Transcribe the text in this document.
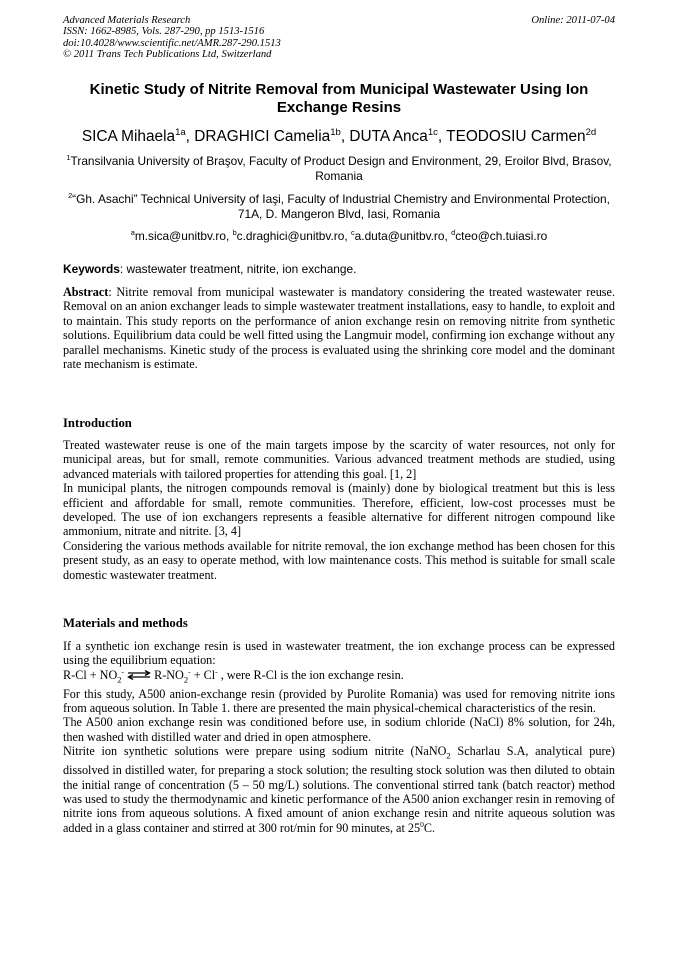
Advanced Materials Research
ISSN: 1662-8985, Vols. 287-290, pp 1513-1516
doi:10.4028/www.scientific.net/AMR.287-290.1513
© 2011 Trans Tech Publications Ltd, Switzerland
Online: 2011-07-04
Kinetic Study of Nitrite Removal from Municipal Wastewater Using Ion Exchange Resins
SICA Mihaela$^{1a}$, DRAGHICI Camelia$^{1b}$, DUTA Anca$^{1c}$, TEODOSIU Carmen$^{2d}$
$^1$Transilvania University of Braşov, Faculty of Product Design and Environment, 29, Eroilor Blvd, Brasov, Romania
$^2$“Gh. Asachi” Technical University of Iaşi, Faculty of Industrial Chemistry and Environmental Protection, 71A, D. Mangeron Blvd, Iasi, Romania
$^a$m.sica@unitbv.ro, $^b$c.draghici@unitbv.ro, $^c$a.duta@unitbv.ro, $^d$cteo@ch.tuiasi.ro
Keywords: wastewater treatment, nitrite, ion exchange.

Abstract: Nitrite removal from municipal wastewater is mandatory considering the treated wastewater reuse. Removal on an anion exchanger leads to simple wastewater treatment installations, easy to handle, to exploit and to maintain. This study reports on the performance of anion exchange resin on removing nitrite from synthetic solutions. Equilibrium data could be well fitted using the Langmuir model, confirming ion exchange without any parallel mechanisms. Kinetic study of the process is evaluated using the shrinking core model and the dominant rate mechanism is estimate.

Introduction

Treated wastewater reuse is one of the main targets impose by the scarcity of water resources, not only for municipal areas, but for small, remote communities. Various advanced treatment methods are studied, using advanced materials with tailored properties for attending this goal. [1, 2]

In municipal plants, the nitrogen compounds removal is (mainly) done by biological treatment but this is less efficient and affordable for small, remote communities. Therefore, efficient, low-cost processes must be developed. The use of ion exchangers represents a feasible alternative for different nitrogen compound like ammonium, nitrate and nitrite. [3, 4]

Considering the various methods available for nitrite removal, the ion exchange method has been chosen for this present study, as an easy to operate method, with low maintenance costs. This method is suitable for small scale domestic wastewater treatment.

Materials and methods

If a synthetic ion exchange resin is used in wastewater treatment, the ion exchange process can be expressed using the equilibrium equation:

$R-Cl + NO_2^-$ ⇌ $R-NO_2^- + Cl^-$ , were R-Cl is the ion exchange resin.

For this study, A500 anion-exchange resin (provided by Purolite Romania) was used for removing nitrite ions from aqueous solution. In Table 1. there are presented the main physical-chemical characteristics of the resin.

The A500 anion exchange resin was conditioned before use, in sodium chloride (NaCl) 8% solution, for 24h, then washed with distilled water and dried in open atmosphere.

Nitrite ion synthetic solutions were prepare using sodium nitrite (NaNO$_2$ Scharlau S.A, analytical pure) dissolved in distilled water, for preparing a stock solution; the resulting stock solution was then diluted to obtain the initial range of concentration (5 – 50 mg/L) solutions. The conventional stirred tank (batch reactor) method was used to study the thermodynamic and kinetic performance of the A500 anion exchanger resin in removing of nitrite ions from aqueous solutions. A fixed amount of anion exchange resin and nitrite aqueous solution was added in a glass container and stirred at 300 rot/min for 90 minutes, at $25^0C$.
